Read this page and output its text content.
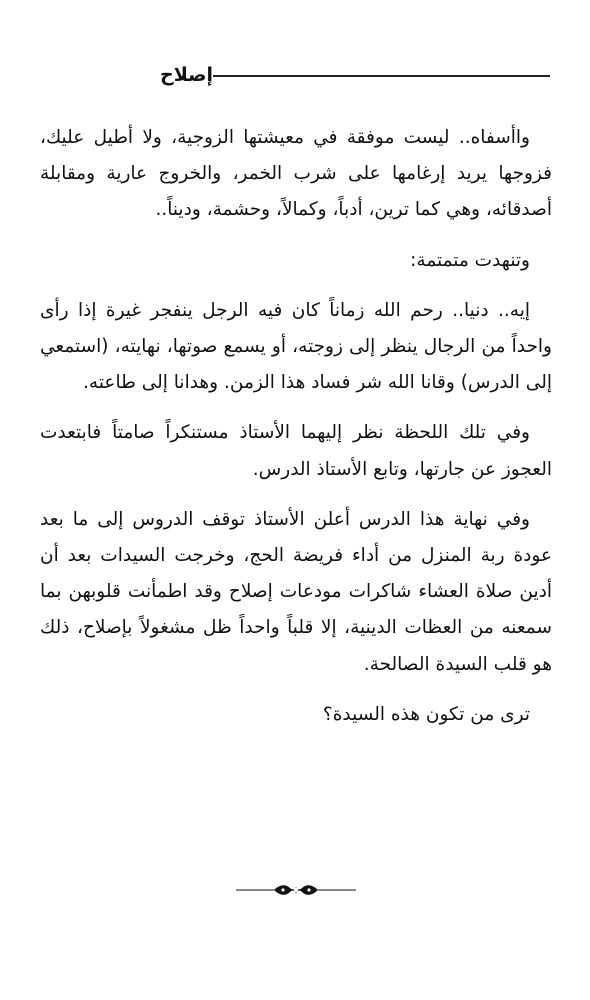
إصلاح

واأسفاه.. ليست موفقة في معيشتها الزوجية، ولا أطيل عليك، فزوجها يريد إرغامها على شرب الخمر، والخروج عارية ومقابلة أصدقائه، وهي كما ترين، أدباً، وكمالاً، وحشمة، وديناً..

وتنهدت متمتمة:

إيه.. دنيا.. رحم الله زماناً كان فيه الرجل ينفجر غيرة إذا رأى واحداً من الرجال ينظر إلى زوجته، أو يسمع صوتها، نهايته، (استمعي إلى الدرس) وقانا الله شر فساد هذا الزمن. وهدانا إلى طاعته.

وفي تلك اللحظة نظر إليهما الأستاذ مستنكراً صامتاً فابتعدت العجوز عن جارتها، وتابع الأستاذ الدرس.

وفي نهاية هذا الدرس أعلن الأستاذ توقف الدروس إلى ما بعد عودة ربة المنزل من أداء فريضة الحج، وخرجت السيدات بعد أن أدين صلاة العشاء شاكرات مودعات إصلاح وقد اطمأنت قلوبهن بما سمعنه من العظات الدينية، إلا قلباً واحداً ظل مشغولاً بإصلاح، ذلك هو قلب السيدة الصالحة.

ترى من تكون هذه السيدة؟
